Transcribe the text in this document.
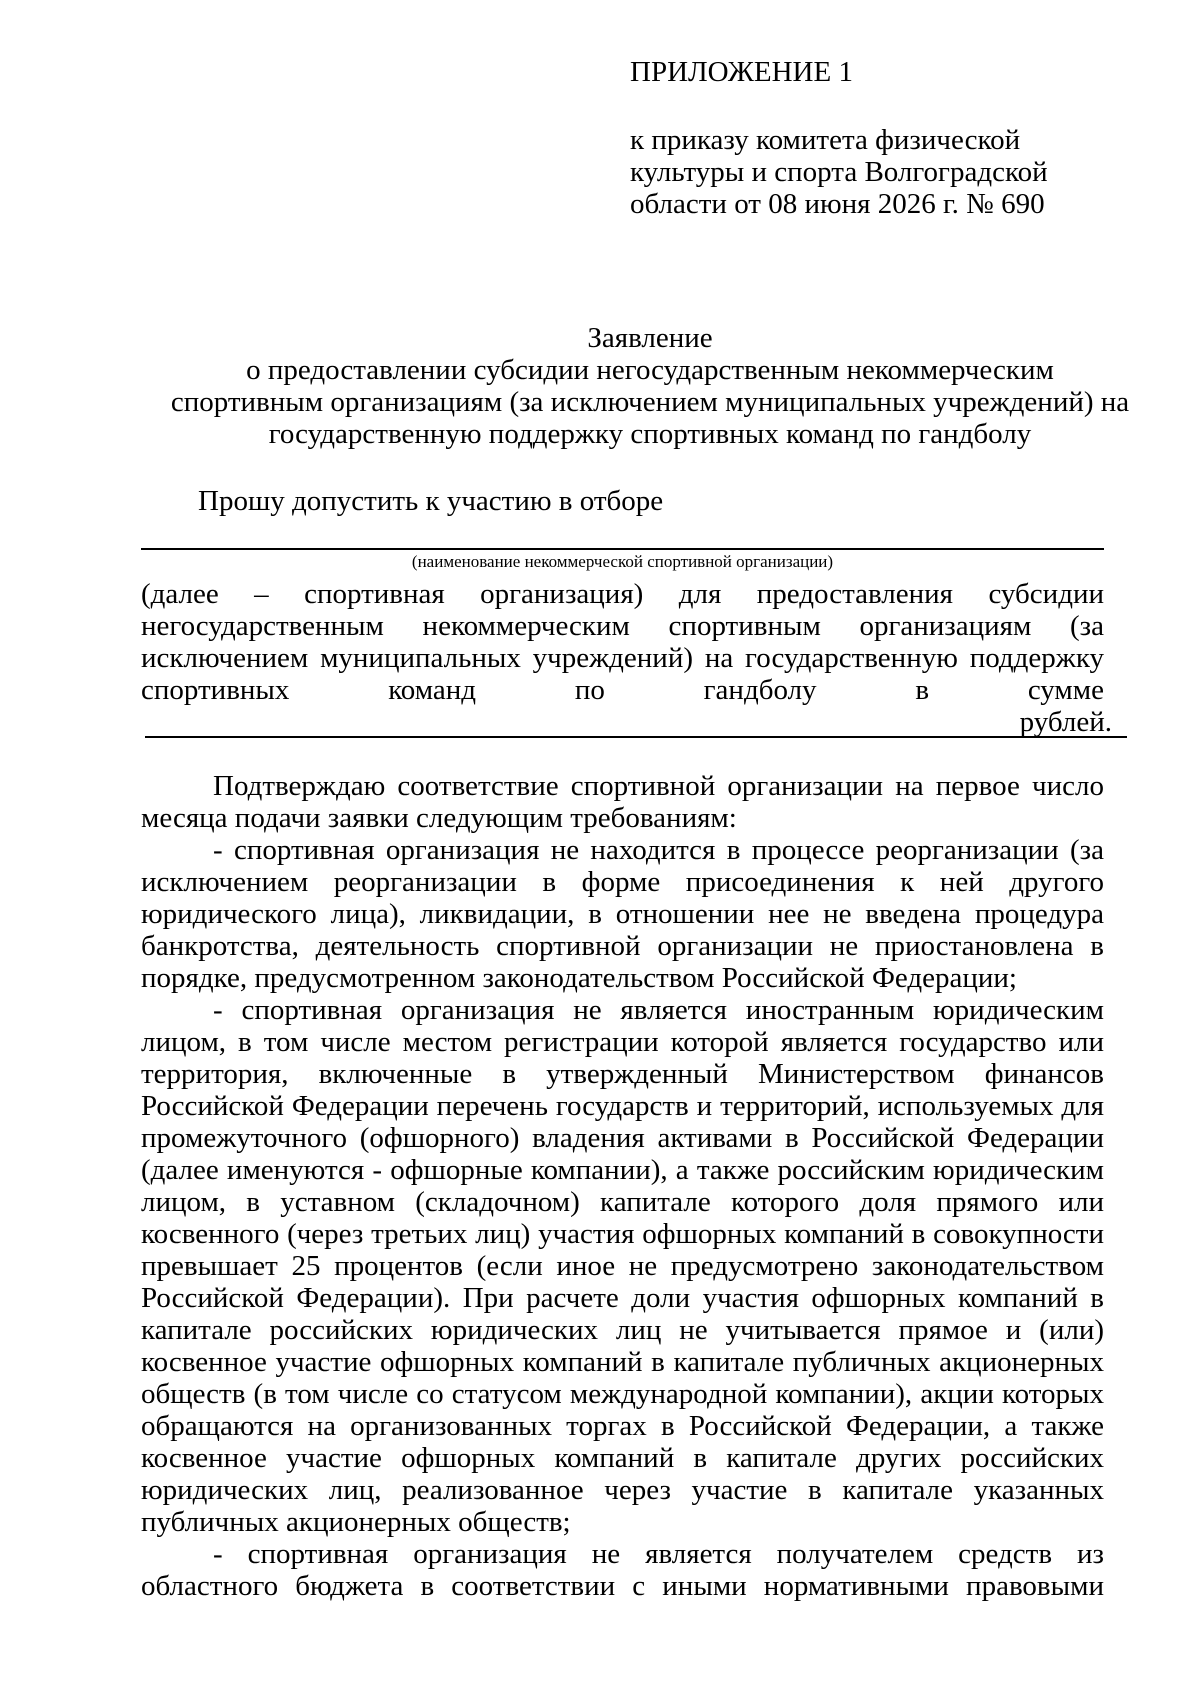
ПРИЛОЖЕНИЕ 1
к приказу комитета физической
культуры и спорта Волгоградской
области от 08 июня 2026 г. № 690
Заявление
о предоставлении субсидии негосударственным некоммерческим
спортивным организациям (за исключением муниципальных учреждений) на
государственную поддержку спортивных команд по гандболу
Прошу допустить к участию в отборе
(наименование некоммерческой спортивной организации)
(далее – спортивная организация) для предоставления субсидии
негосударственным некоммерческим спортивным организациям (за
исключением муниципальных учреждений) на государственную поддержку
спортивных команд по гандболу в сумме
рублей.
Подтверждаю соответствие спортивной организации на первое число
месяца подачи заявки следующим требованиям:
- спортивная организация не находится в процессе реорганизации (за
исключением реорганизации в форме присоединения к ней другого
юридического лица), ликвидации, в отношении нее не введена процедура
банкротства, деятельность спортивной организации не приостановлена в
порядке, предусмотренном законодательством Российской Федерации;
- спортивная организация не является иностранным юридическим
лицом, в том числе местом регистрации которой является государство или
территория, включенные в утвержденный Министерством финансов
Российской Федерации перечень государств и территорий, используемых для
промежуточного (офшорного) владения активами в Российской Федерации
(далее именуются - офшорные компании), а также российским юридическим
лицом, в уставном (складочном) капитале которого доля прямого или
косвенного (через третьих лиц) участия офшорных компаний в совокупности
превышает 25 процентов (если иное не предусмотрено законодательством
Российской Федерации). При расчете доли участия офшорных компаний в
капитале российских юридических лиц не учитывается прямое и (или)
косвенное участие офшорных компаний в капитале публичных акционерных
обществ (в том числе со статусом международной компании), акции которых
обращаются на организованных торгах в Российской Федерации, а также
косвенное участие офшорных компаний в капитале других российских
юридических лиц, реализованное через участие в капитале указанных
публичных акционерных обществ;
- спортивная организация не является получателем средств из
областного бюджета в соответствии с иными нормативными правовыми
